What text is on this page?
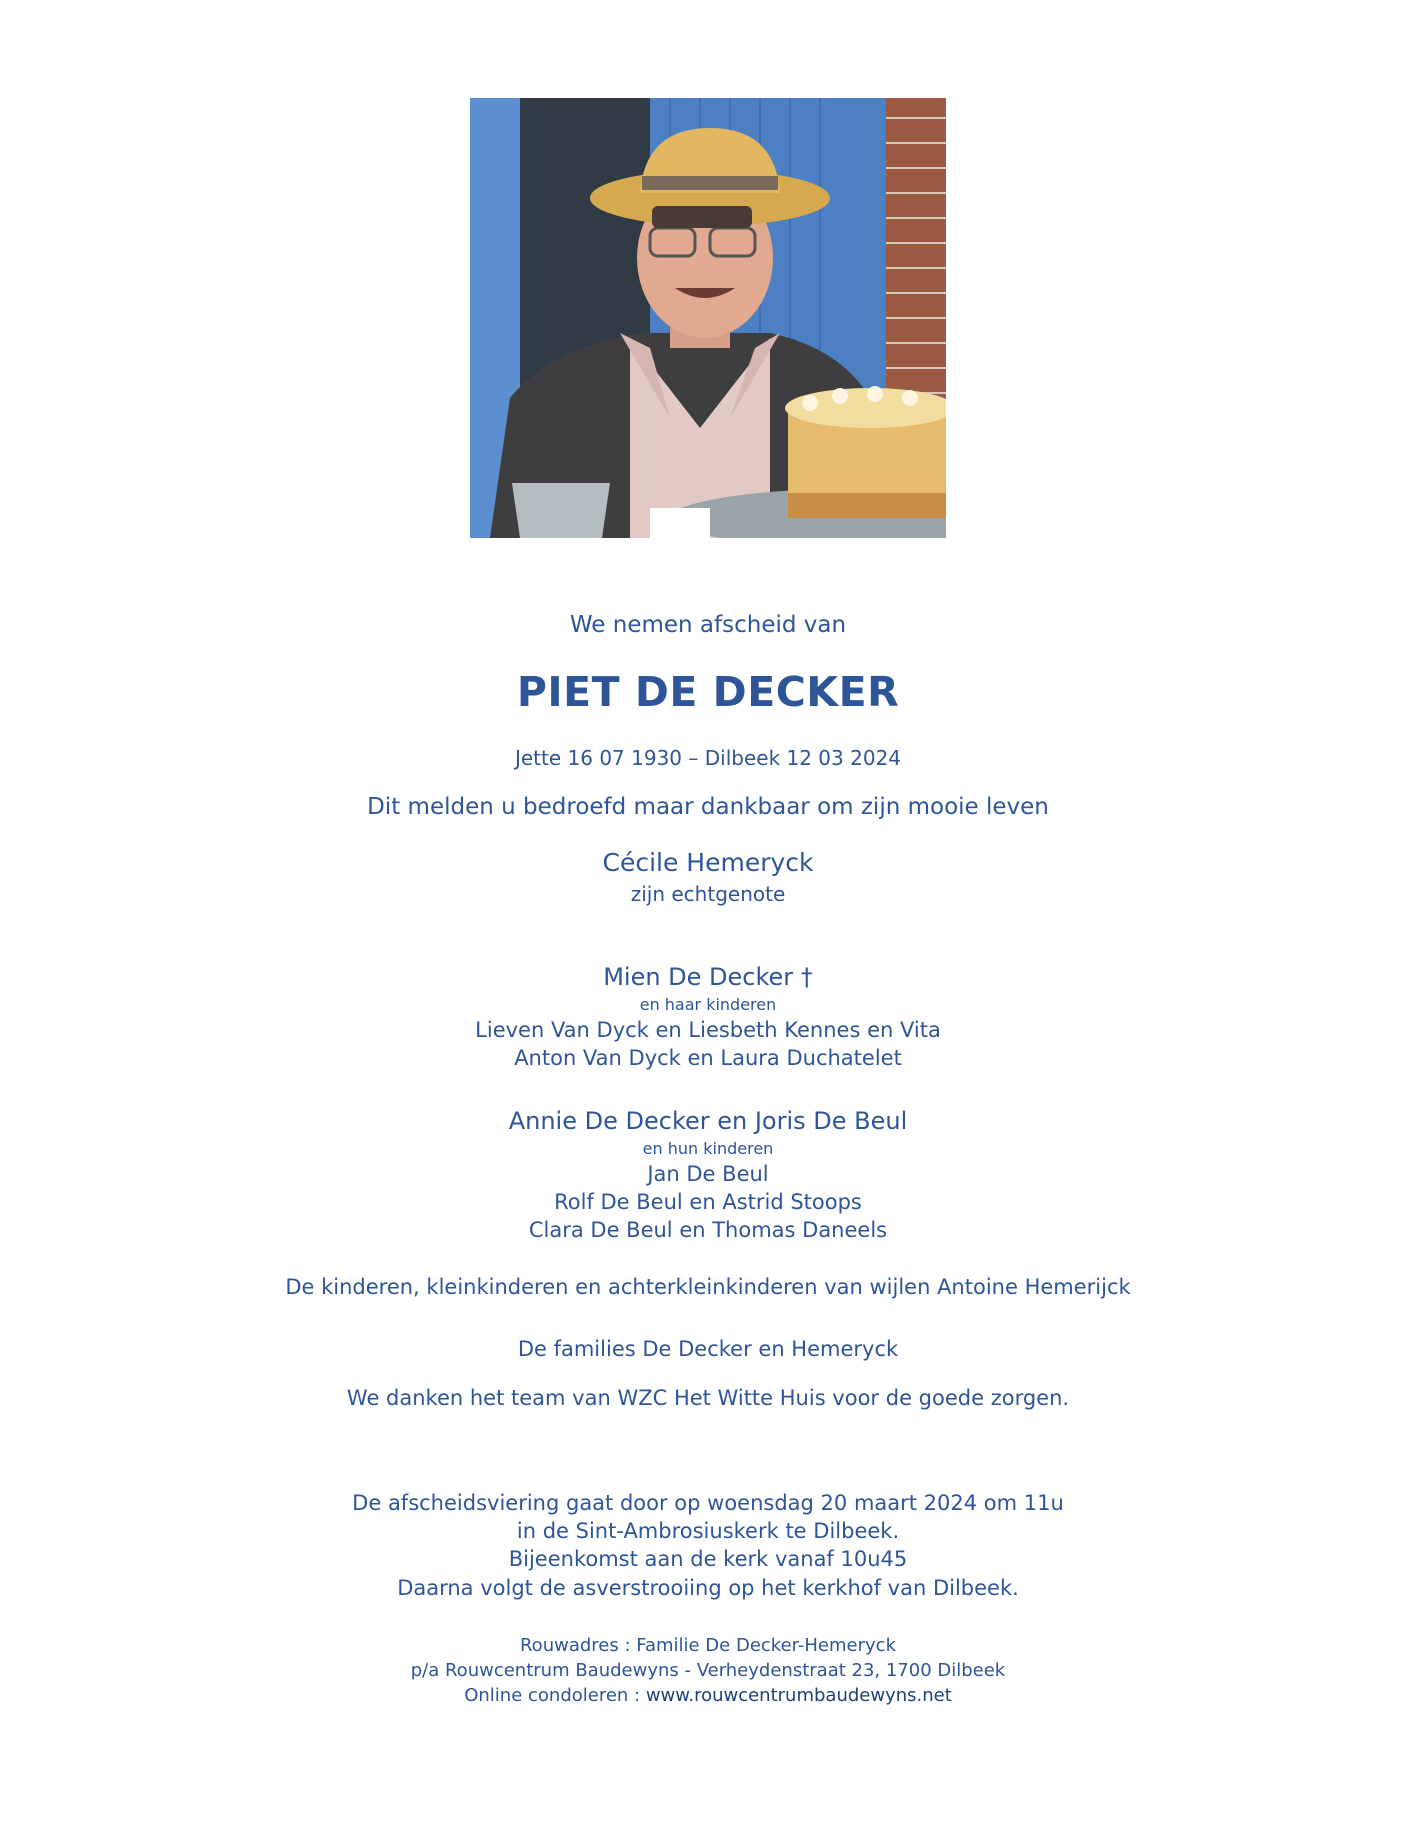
We nemen afscheid van
PIET DE DECKER
Jette 16 07 1930 – Dilbeek 12 03 2024
Dit melden u bedroefd maar dankbaar om zijn mooie leven
Cécile Hemeryck
zijn echtgenote
Mien De Decker †
en haar kinderen
Lieven Van Dyck en Liesbeth Kennes en Vita
Anton Van Dyck en Laura Duchatelet
Annie De Decker en Joris De Beul
en hun kinderen
Jan De Beul
Rolf De Beul en Astrid Stoops
Clara De Beul en Thomas Daneels
De kinderen, kleinkinderen en achterkleinkinderen van wijlen Antoine Hemerijck
De families De Decker en Hemeryck
We danken het team van WZC Het Witte Huis voor de goede zorgen.
De afscheidsviering gaat door op woensdag 20 maart 2024 om 11u
in de Sint-Ambrosiuskerk te Dilbeek.
Bijeenkomst aan de kerk vanaf 10u45
Daarna volgt de asverstrooiing op het kerkhof van Dilbeek.
Rouwadres : Familie De Decker-Hemeryck
p/a Rouwcentrum Baudewyns - Verheydenstraat 23, 1700 Dilbeek
Online condoleren : www.rouwcentrumbaudewyns.net
